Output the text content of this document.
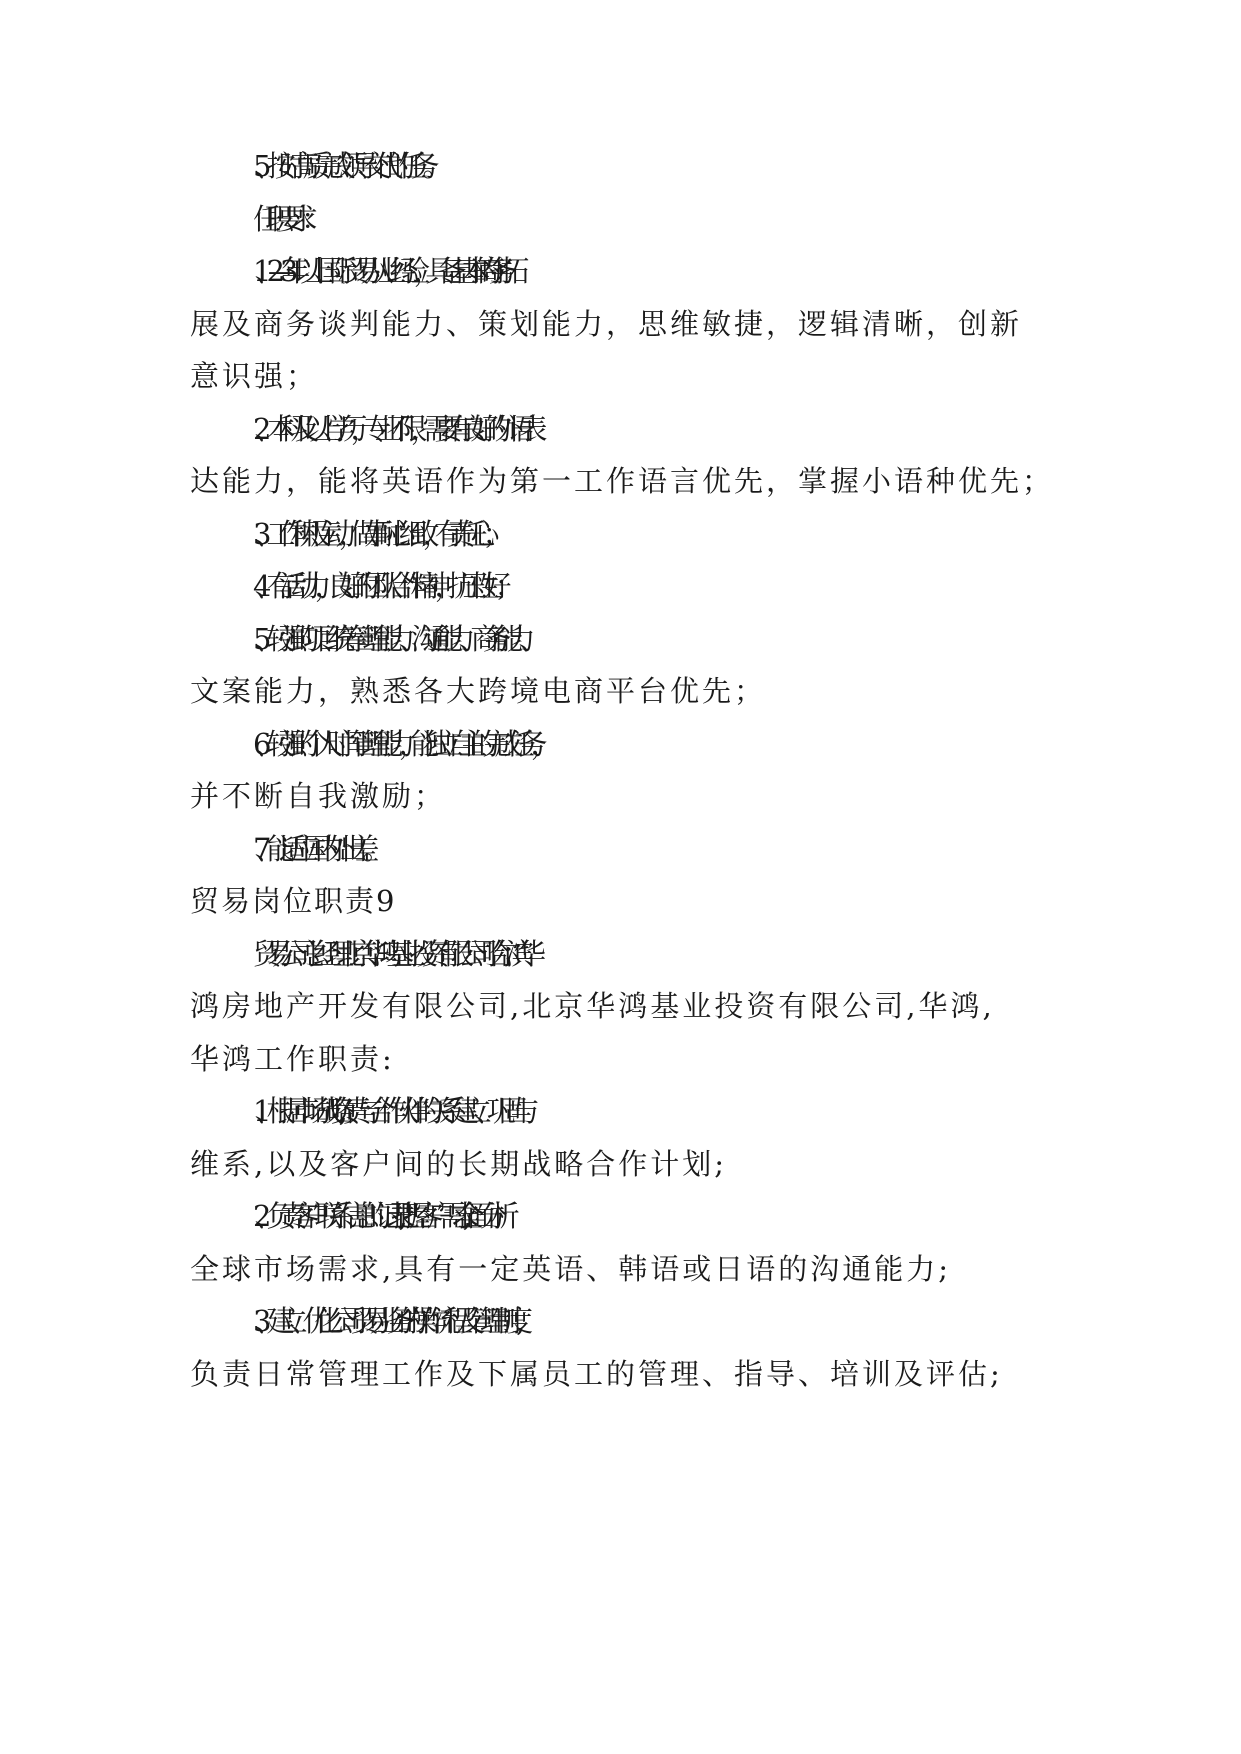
5、按时高质完成领导交代的任务。
任职要求：
1、2—3年以上国际贸易从业经验，具备基本的'商务拓
展及商务谈判能力、策划能力，思维敏捷，逻辑清晰，创新
意识强；
2、本科及以上学历，专业不限，需要有良好的外语表
达能力，能将英语作为第一工作语言优先，掌握小语种优先；
3、工作积极主动，做事耐心细致，有责任心；
4、有活动力，良好的团队合作精神，抗压性好；
5、较强的项目统筹管理能力、沟通能力、商务能力、
文案能力，熟悉各大跨境电商平台优先；
6、较强的个人时间管理能力，能独立自主的完成任务，
并不断自我激励；
7、能适应国内外出差。
贸易岗位职责9
贸易公司总经理北京华鸿基业投资有限公司哈尔滨华
鸿房地产开发有限公司,北京华鸿基业投资有限公司,华鸿,
华鸿工作职责:
1、根据市场战略,负责与合作伙伴的关系建立、巩固与
维系,以及客户间的长期战略合作计划;
2、负责客户联系信息的记录,把握客户需求,全面分析
全球市场需求,具有一定英语、韩语或日语的沟通能力;
3、建立、优化公司贸易业务的`操作流程及管理制度,
负责日常管理工作及下属员工的管理、指导、培训及评估;
